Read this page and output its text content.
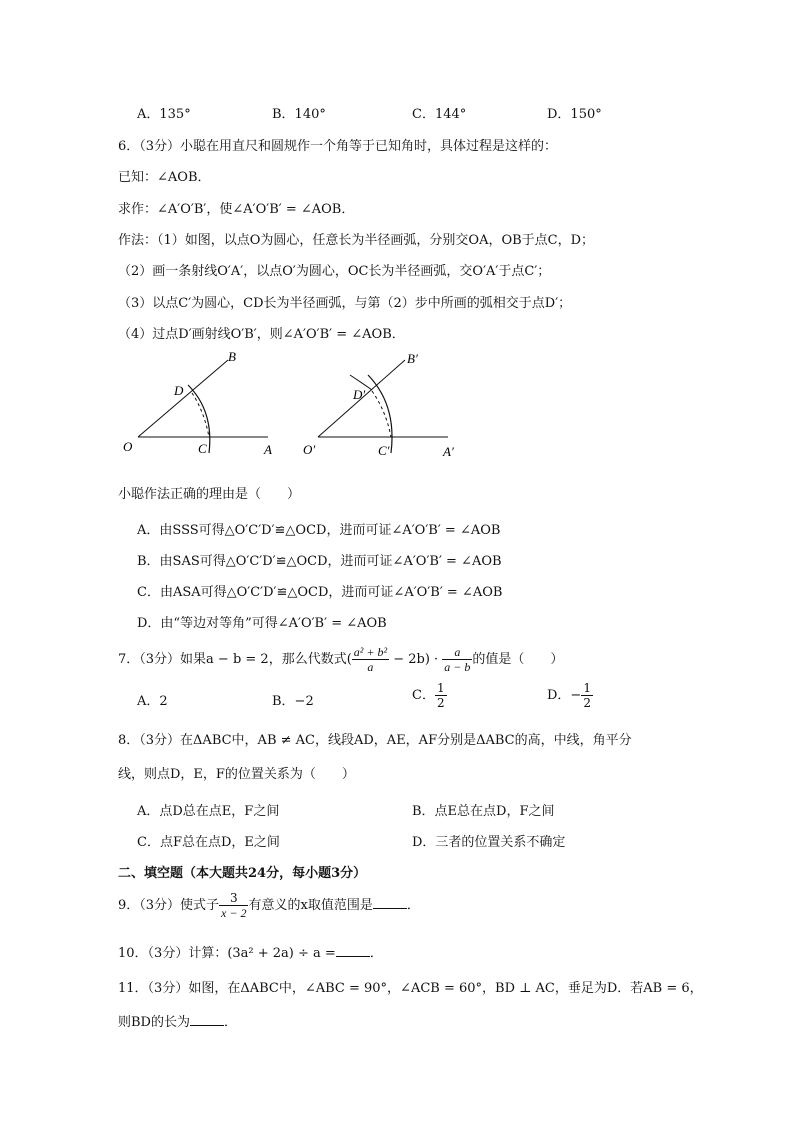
A．135°	B．140°	C．144°	D．150°
6．（3分）小聪在用直尺和圆规作一个角等于已知角时，具体过程是这样的：
已知：∠AOB．
求作：∠A′O′B′，使∠A′O′B′ = ∠AOB．
作法：（1）如图，以点O为圆心，任意长为半径画弧，分别交OA，OB于点C，D；
（2）画一条射线O′A′，以点O′为圆心，OC长为半径画弧，交O′A′于点C′；
（3）以点C′为圆心，CD长为半径画弧，与第（2）步中所画的弧相交于点D′；
（4）过点D′画射线O′B′，则∠A′O′B′ = ∠AOB．
B
D
O	C	A
B′
D′
O′	C′	A′
小聪作法正确的理由是（　　）
A．由SSS可得△O′C′D′≌△OCD，进而可证∠A′O′B′ = ∠AOB
B．由SAS可得△O′C′D′≌△OCD，进而可证∠A′O′B′ = ∠AOB
C．由ASA可得△O′C′D′≌△OCD，进而可证∠A′O′B′ = ∠AOB
D．由“等边对等角”可得∠A′O′B′ = ∠AOB
7．（3分）如果a − b = 2，那么代数式( $\frac{\text{a² + b²}}{a} - 2b) \cdot \frac{a}{a - b}$ 的值是（　　）
A．2	B．−2	C． $\frac{1}{2}$	D．− $\frac{1}{2}$
8．（3分）在ΔABC中，AB ≠ AC，线段AD，AE，AF分别是ΔABC的高，中线，角平分
线，则点D，E，F的位置关系为（　　）
A．点D总在点E，F之间	B．点E总在点D，F之间
C．点F总在点D，E之间	D．三者的位置关系不确定
二、填空题（本大题共24分，每小题3分）
9．（3分）使式子 $\frac{3}{x - 2}$ 有意义的x取值范围是	．
10．（3分）计算：(3a² + 2a) ÷ a =	．
11．（3分）如图，在ΔABC中，∠ABC = 90°，∠ACB = 60°，BD ⊥ AC，垂足为D．若AB = 6，
则BD的长为	．
